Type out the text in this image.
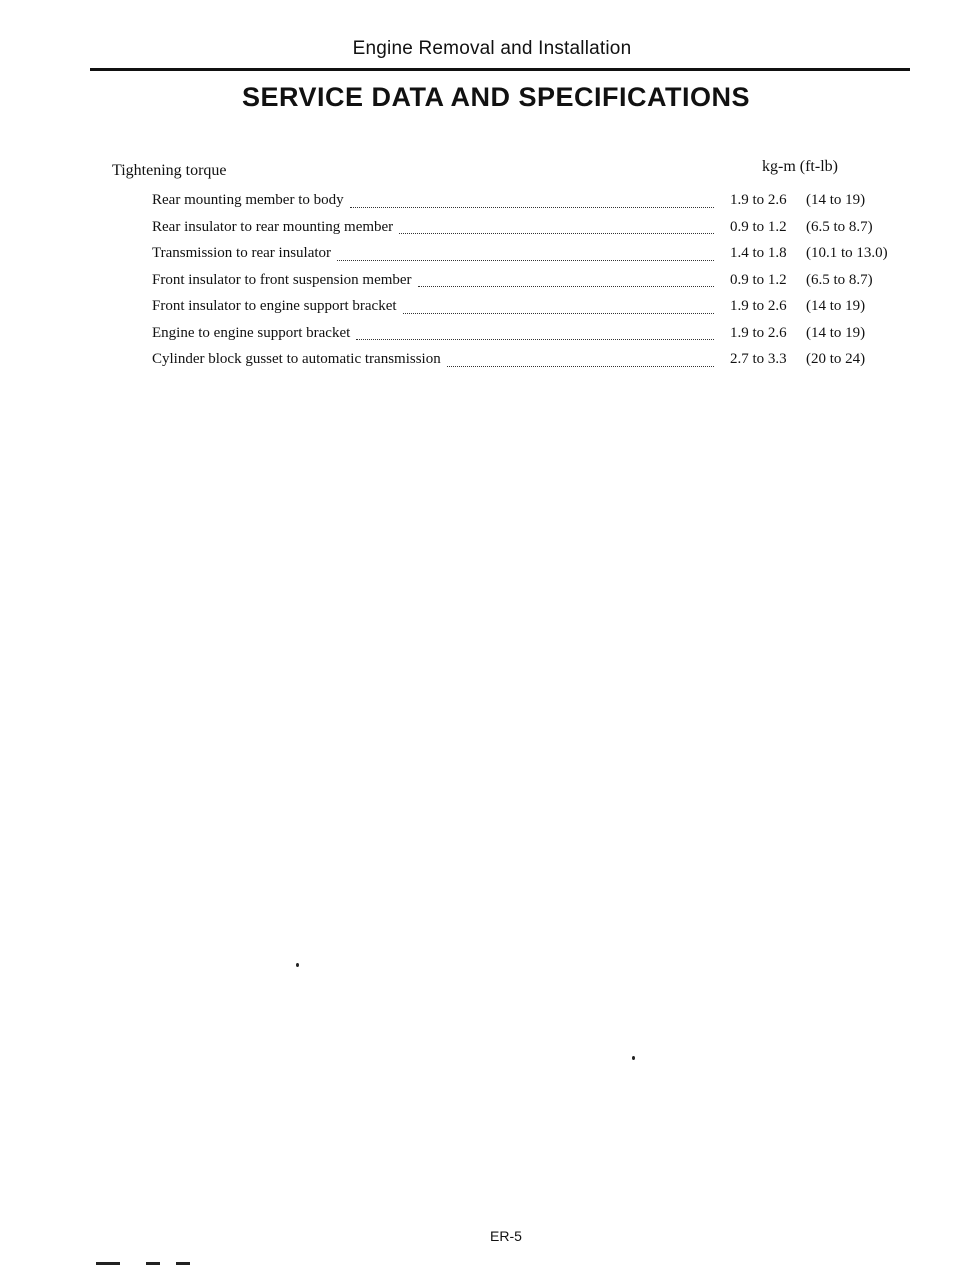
Engine Removal and Installation
SERVICE DATA AND SPECIFICATIONS
Tightening torque	kg-m (ft-lb)
Rear mounting member to body	1.9 to 2.6 (14 to 19)
Rear insulator to rear mounting member	0.9 to 1.2 (6.5 to 8.7)
Transmission to rear insulator	1.4 to 1.8 (10.1 to 13.0)
Front insulator to front suspension member	0.9 to 1.2 (6.5 to 8.7)
Front insulator to engine support bracket	1.9 to 2.6 (14 to 19)
Engine to engine support bracket	1.9 to 2.6 (14 to 19)
Cylinder block gusset to automatic transmission	2.7 to 3.3 (20 to 24)
ER-5
